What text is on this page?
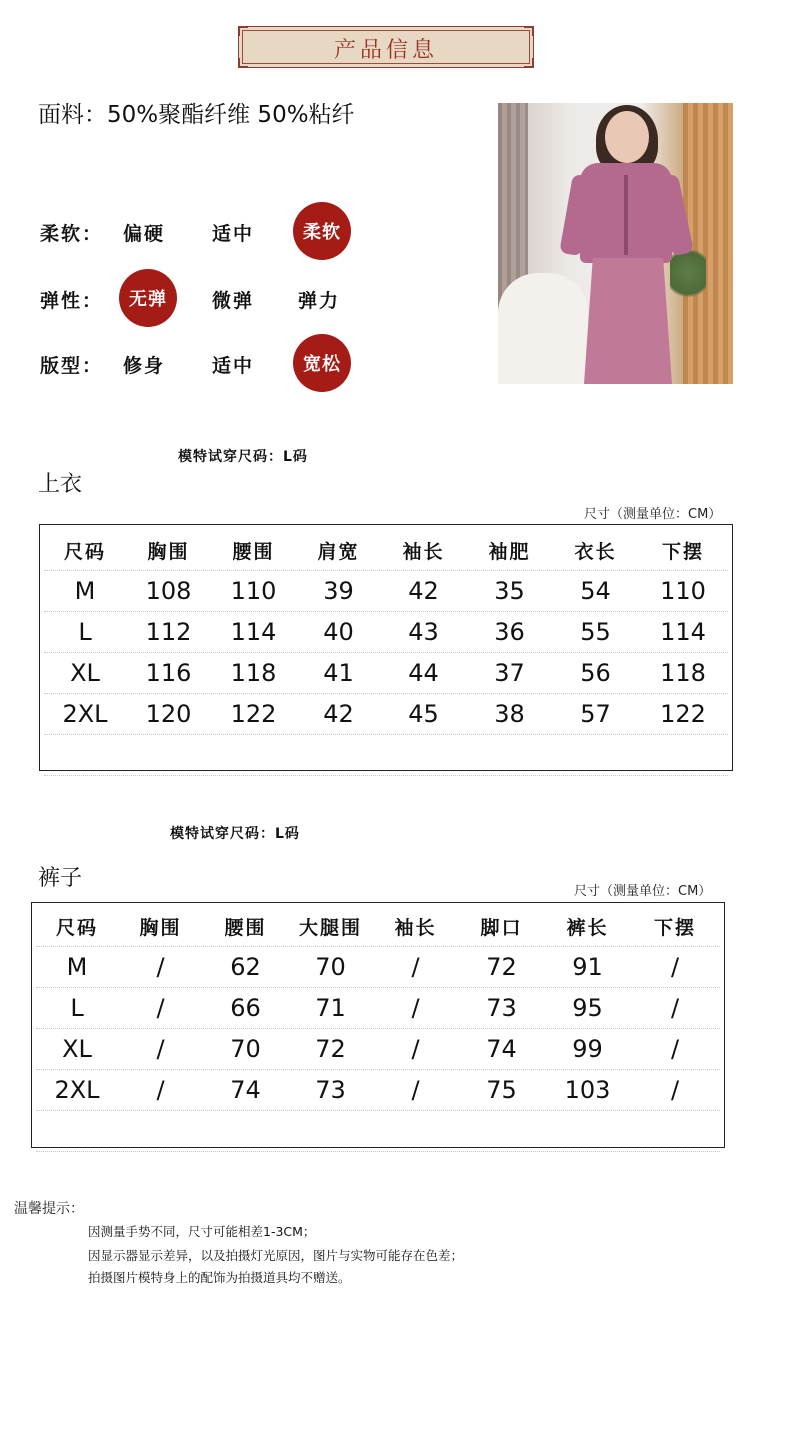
产品信息
面料：50%聚酯纤维 50%粘纤
柔软： 偏硬 适中	柔软
弹性：	无弹	微弹 弹力
版型： 修身 适中	宽松
模特试穿尺码：L码
上衣
尺寸（测量单位：CM）
尺码	胸围	腰围	肩宽	袖长	袖肥	衣长	下摆
M	108	110	39	42	35	54	110
L	112	114	40	43	36	55	114
XL	116	118	41	44	37	56	118
2XL	120	122	42	45	38	57	122
模特试穿尺码：L码
裤子
尺寸（测量单位：CM）
尺码	胸围	腰围	大腿围	袖长	脚口	裤长	下摆
M	/	62	70	/	72	91	/
L	/	66	71	/	73	95	/
XL	/	70	72	/	74	99	/
2XL	/	74	73	/	75	103	/
温馨提示：
因测量手势不同，尺寸可能相差1-3CM；
因显示器显示差异，以及拍摄灯光原因，图片与实物可能存在色差；
拍摄图片模特身上的配饰为拍摄道具均不赠送。
